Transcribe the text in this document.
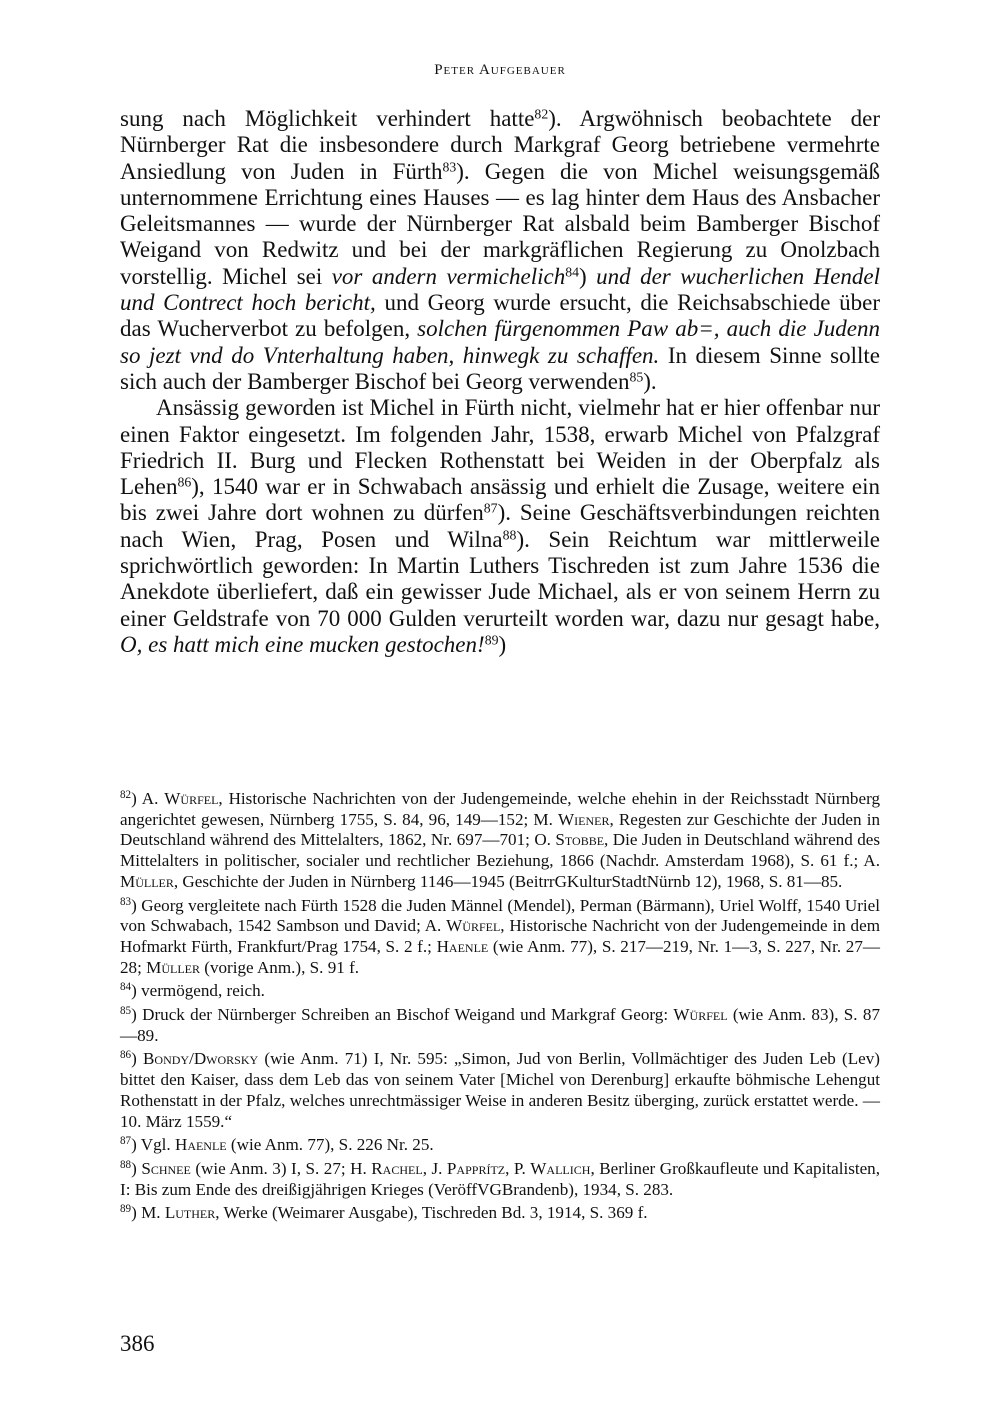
Peter Aufgebauer

sung nach Möglichkeit verhindert hatte$^{82}$). Argwöhnisch beobachtete der Nürnberger Rat die insbesondere durch Markgraf Georg betriebene vermehrte Ansiedlung von Juden in Fürth$^{83}$). Gegen die von Michel weisungsgemäß unternommene Errichtung eines Hauses — es lag hinter dem Haus des Ansbacher Geleitsmannes — wurde der Nürnberger Rat alsbald beim Bamberger Bischof Weigand von Redwitz und bei der markgräflichen Regierung zu Onolzbach vorstellig. Michel sei vor andern vermichelich$^{84}$) und der wucherlichen Hendel und Contrect hoch bericht, und Georg wurde ersucht, die Reichsabschiede über das Wucherverbot zu befolgen, solchen fürgenommen Paw ab=, auch die Judenn so jezt vnd do Vnterhaltung haben, hinwegk zu schaffen. In diesem Sinne sollte sich auch der Bamberger Bischof bei Georg verwenden$^{85}$).

Ansässig geworden ist Michel in Fürth nicht, vielmehr hat er hier offenbar nur einen Faktor eingesetzt. Im folgenden Jahr, 1538, erwarb Michel von Pfalzgraf Friedrich II. Burg und Flecken Rothenstatt bei Weiden in der Oberpfalz als Lehen$^{86}$), 1540 war er in Schwabach ansässig und erhielt die Zusage, weitere ein bis zwei Jahre dort wohnen zu dürfen$^{87}$). Seine Geschäftsverbindungen reichten nach Wien, Prag, Posen und Wilna$^{88}$). Sein Reichtum war mittlerweile sprichwörtlich geworden: In Martin Luthers Tischreden ist zum Jahre 1536 die Anekdote überliefert, daß ein gewisser Jude Michael, als er von seinem Herrn zu einer Geldstrafe von 70 000 Gulden verurteilt worden war, dazu nur gesagt habe, O, es hatt mich eine mucken gestochen!$^{89}$)

$^{82}$) A. Würfel, Historische Nachrichten von der Judengemeinde, welche ehehin in der Reichsstadt Nürnberg angerichtet gewesen, Nürnberg 1755, S. 84, 96, 149—152; M. Wiener, Regesten zur Geschichte der Juden in Deutschland während des Mittelalters, 1862, Nr. 697—701; O. Stobbe, Die Juden in Deutschland während des Mittelalters in politischer, socialer und rechtlicher Beziehung, 1866 (Nachdr. Amsterdam 1968), S. 61 f.; A. Müller, Geschichte der Juden in Nürnberg 1146—1945 (BeitrrGKulturStadtNürnb 12), 1968, S. 81—85.

$^{83}$) Georg vergleitete nach Fürth 1528 die Juden Männel (Mendel), Perman (Bärmann), Uriel Wolff, 1540 Uriel von Schwabach, 1542 Sambson und David; A. Würfel, Historische Nachricht von der Judengemeinde in dem Hofmarkt Fürth, Frankfurt/Prag 1754, S. 2 f.; Haenle (wie Anm. 77), S. 217—219, Nr. 1—3, S. 227, Nr. 27—28; Müller (vorige Anm.), S. 91 f.

$^{84}$) vermögend, reich.

$^{85}$) Druck der Nürnberger Schreiben an Bischof Weigand und Markgraf Georg: Würfel (wie Anm. 83), S. 87—89.

$^{86}$) Bondy/Dworsky (wie Anm. 71) I, Nr. 595: „Simon, Jud von Berlin, Vollmächtiger des Juden Leb (Lev) bittet den Kaiser, dass dem Leb das von seinem Vater [Michel von Derenburg] erkaufte böhmische Lehengut Rothenstatt in der Pfalz, welches unrechtmässiger Weise in anderen Besitz überging, zurück erstattet werde. — 10. März 1559.“

$^{87}$) Vgl. Haenle (wie Anm. 77), S. 226 Nr. 25.

$^{88}$) Schnee (wie Anm. 3) I, S. 27; H. Rachel, J. Papprítz, P. Wallich, Berliner Großkaufleute und Kapitalisten, I: Bis zum Ende des dreißigjährigen Krieges (VeröffVGBrandenb), 1934, S. 283.

$^{89}$) M. Luther, Werke (Weimarer Ausgabe), Tischreden Bd. 3, 1914, S. 369 f.

386
